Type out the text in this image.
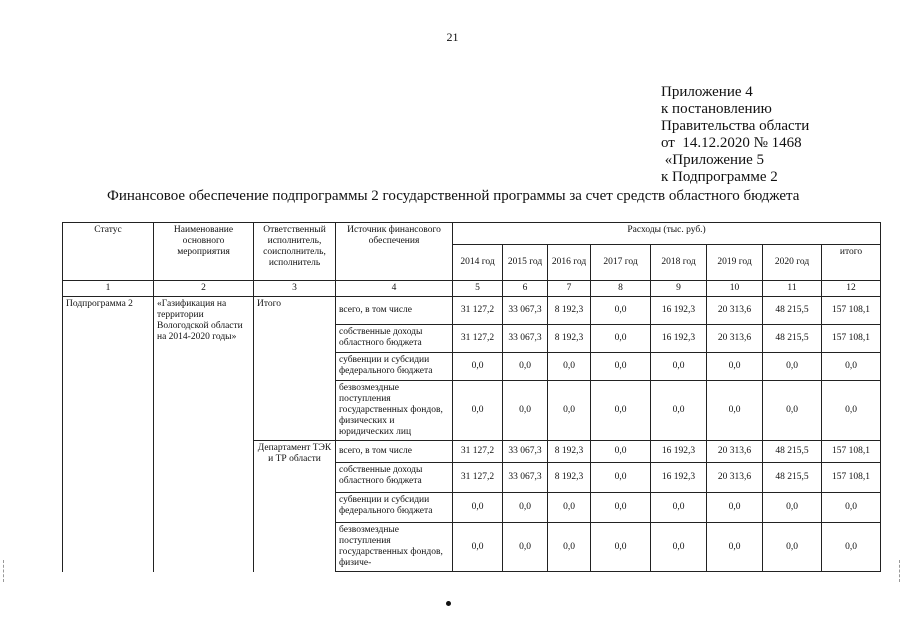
21
Приложение 4
к постановлению
Правительства области
от  14.12.2020 № 1468
«Приложение 5
к Подпрограмме 2
Финансовое обеспечение подпрограммы 2 государственной программы за счет средств областного бюджета
Статус	Наименование основного мероприятия	Ответственный исполнитель, соисполнитель, исполнитель	Источник финансового обеспечения	Расходы (тыс. руб.)							
				2014 год	2015 год	2016 год	2017 год	2018 год	2019 год	2020 год	итого
1	2	3	4	5	6	7	8	9	10	11	12
Подпрограмма 2	«Газификация на территории Вологодской области на 2014-2020 годы»	Итого	всего, в том числе	31 127,2	33 067,3	8 192,3	0,0	16 192,3	20 313,6	48 215,5	157 108,1
			собственные доходы областного бюджета	31 127,2	33 067,3	8 192,3	0,0	16 192,3	20 313,6	48 215,5	157 108,1
			субвенции и субсидии федерального бюджета	0,0	0,0	0,0	0,0	0,0	0,0	0,0	0,0
			безвозмездные поступления государственных фондов, физических и юридических лиц	0,0	0,0	0,0	0,0	0,0	0,0	0,0	0,0
		Департамент ТЭК и ТР области	всего, в том числе	31 127,2	33 067,3	8 192,3	0,0	16 192,3	20 313,6	48 215,5	157 108,1
			собственные доходы областного бюджета	31 127,2	33 067,3	8 192,3	0,0	16 192,3	20 313,6	48 215,5	157 108,1
			субвенции и субсидии федерального бюджета	0,0	0,0	0,0	0,0	0,0	0,0	0,0	0,0
			безвозмездные поступления государственных фондов, физиче-	0,0	0,0	0,0	0,0	0,0	0,0	0,0	0,0
